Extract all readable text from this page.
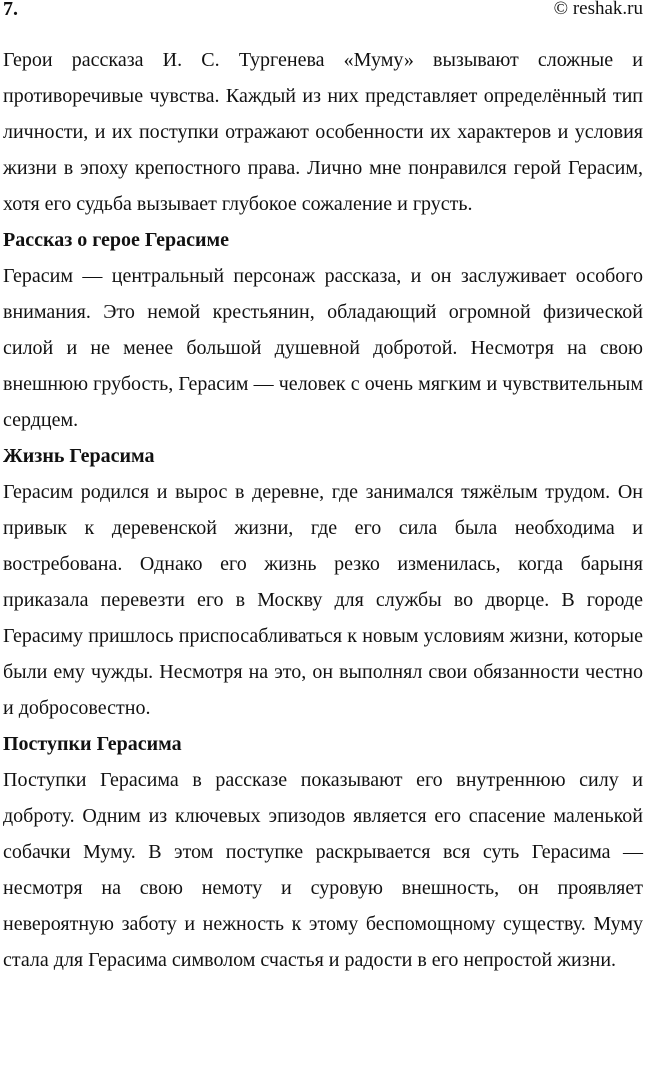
7.	© reshak.ru

Герои рассказа И. С. Тургенева «Муму» вызывают сложные и противоречивые чувства. Каждый из них представляет определённый тип личности, и их поступки отражают особенности их характеров и условия жизни в эпоху крепостного права. Лично мне понравился герой Герасим, хотя его судьба вызывает глубокое сожаление и грусть.

Рассказ о герое Герасиме

Герасим — центральный персонаж рассказа, и он заслуживает особого внимания. Это немой крестьянин, обладающий огромной физической силой и не менее большой душевной добротой. Несмотря на свою внешнюю грубость, Герасим — человек с очень мягким и чувствительным сердцем.

Жизнь Герасима

Герасим родился и вырос в деревне, где занимался тяжёлым трудом. Он привык к деревенской жизни, где его сила была необходима и востребована. Однако его жизнь резко изменилась, когда барыня приказала перевезти его в Москву для службы во дворце. В городе Герасиму пришлось приспосабливаться к новым условиям жизни, которые были ему чужды. Несмотря на это, он выполнял свои обязанности честно и добросовестно.

Поступки Герасима

Поступки Герасима в рассказе показывают его внутреннюю силу и доброту. Одним из ключевых эпизодов является его спасение маленькой собачки Муму. В этом поступке раскрывается вся суть Герасима — несмотря на свою немоту и суровую внешность, он проявляет невероятную заботу и нежность к этому беспомощному существу. Муму стала для Герасима символом счастья и радости в его непростой жизни.
